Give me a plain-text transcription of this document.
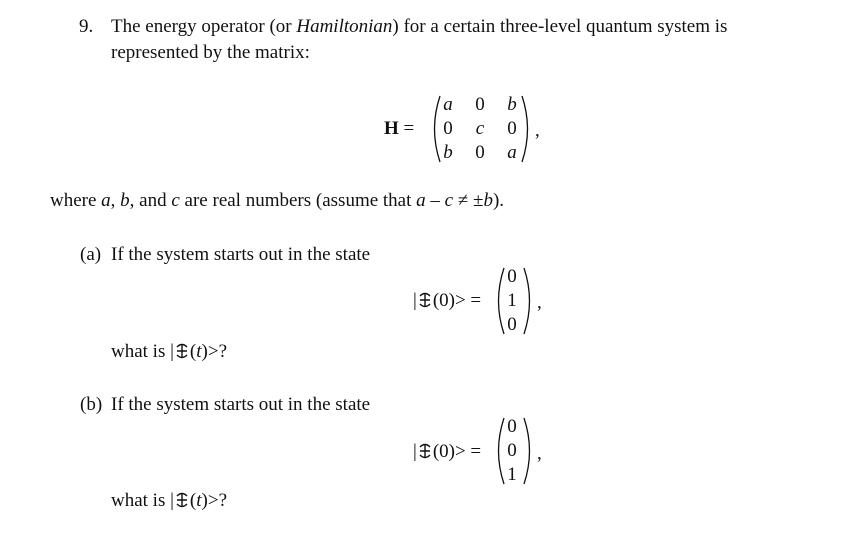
9. The energy operator (or Hamiltonian) for a certain three-level quantum system is
represented by the matrix:
H =
a	0	b
0	c	0
b	0	a
,
where a, b, and c are real numbers (assume that a – c ≠ ±b).
(a) If the system starts out in the state
| (0)> =
0
1
0
,
what is | (t)>?
(b) If the system starts out in the state
| (0)> =
0
0
1
,
what is | (t)>?
